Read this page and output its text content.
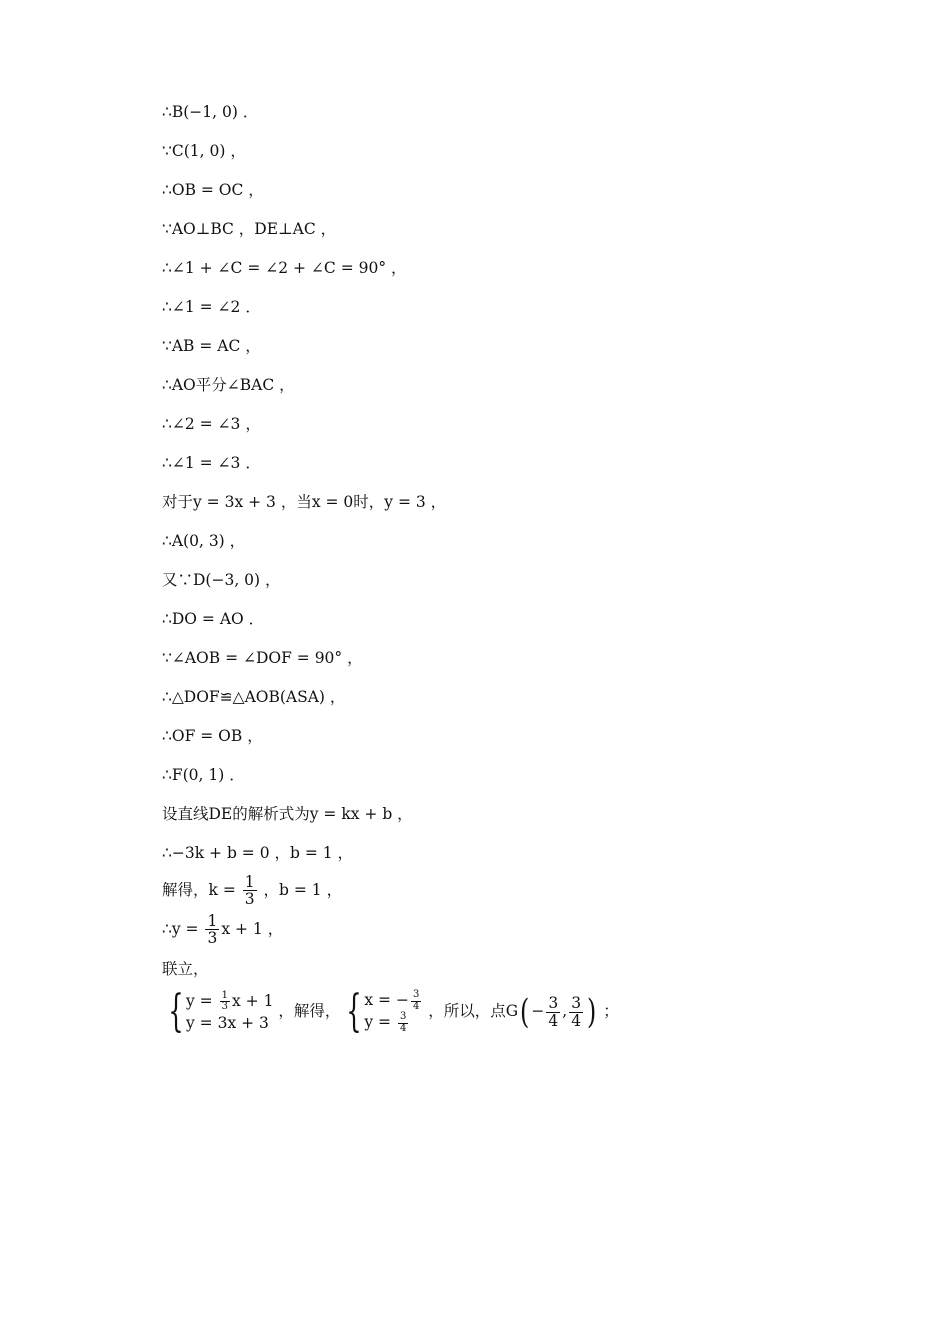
∴B(−1, 0) ．
∵C(1, 0) ，
∴OB = OC ，
∵AO⊥BC ，DE⊥AC ，
∴∠1 + ∠C = ∠2 + ∠C = 90° ，
∴∠1 = ∠2 ．
∵AB = AC ，
∴AO平分∠BAC ，
∴∠2 = ∠3 ，
∴∠1 = ∠3 ．
对于y = 3x + 3 ，当x = 0时，y = 3 ，
∴A(0, 3) ，
又∵D(−3, 0) ，
∴DO = AO ．
∵∠AOB = ∠DOF = 90° ，
∴△DOF≌△AOB(ASA) ，
∴OF = OB ，
∴F(0, 1) ．
设直线DE的解析式为y = kx + b ，
∴−3k + b = 0 ，b = 1 ，
解得，$k = \frac{1}{3}$ ，b = 1 ，
∴y = $\frac{1}{3}$ x + 1 ，
联立，
{ $y = \frac{1}{3}$ x + 1
y = 3x + 3
，解得， { x = − $\frac{3}{4}$
$y = \frac{3}{4}$
，所以，点$G( - \frac{3}{4}$ , $\frac{3}{4}$ ) ；
